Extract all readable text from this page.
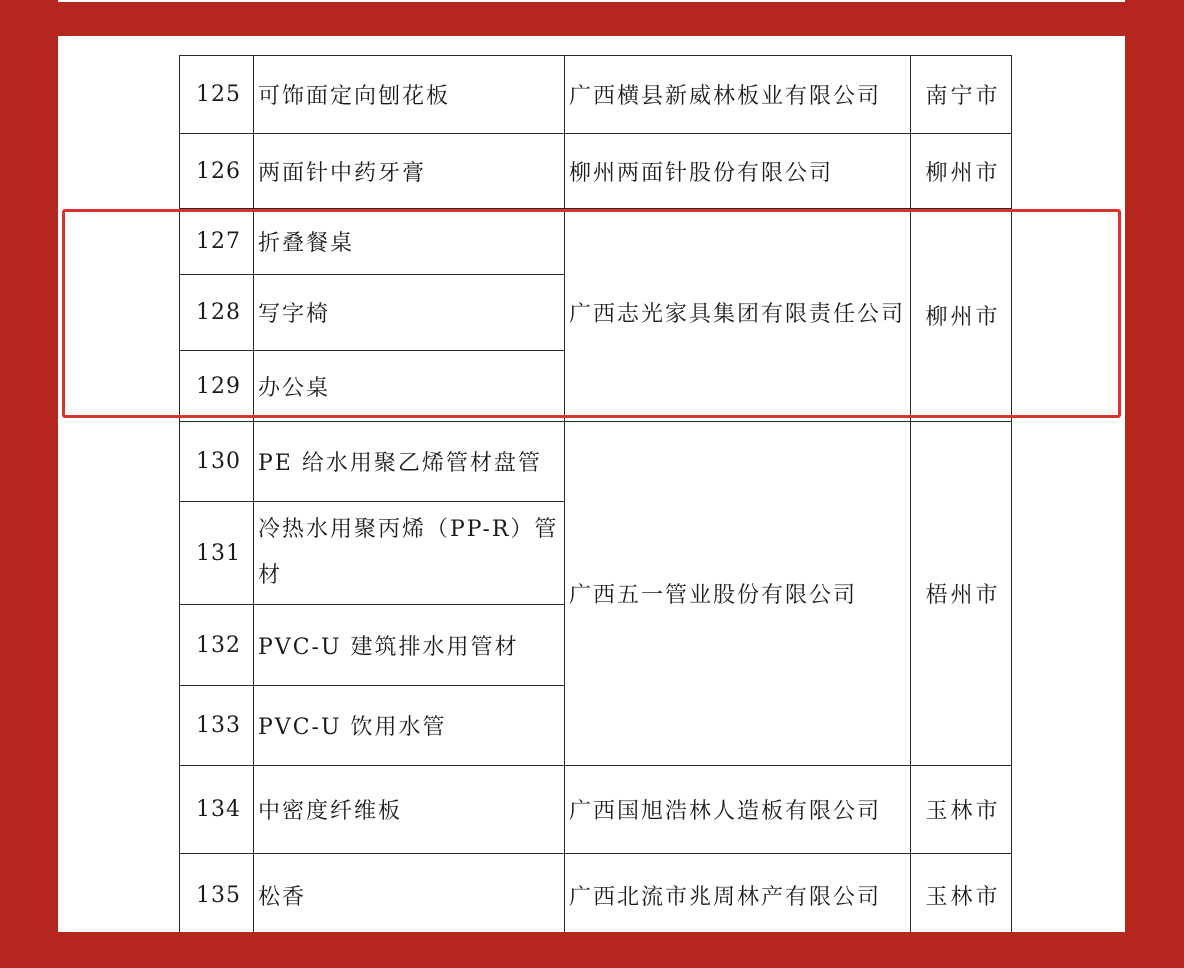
125	可饰面定向刨花板	广西横县新威林板业有限公司	南宁市
126	两面针中药牙膏	柳州两面针股份有限公司	柳州市
127	折叠餐桌	广西志光家具集团有限责任公司	柳州市
128	写字椅		
129	办公桌		
130	PE 给水用聚乙烯管材盘管	广西五一管业股份有限公司	梧州市
131	冷热水用聚丙烯（PP-R）管材		
132	PVC-U 建筑排水用管材		
133	PVC-U 饮用水管		
134	中密度纤维板	广西国旭浩林人造板有限公司	玉林市
135	松香	广西北流市兆周林产有限公司	玉林市
